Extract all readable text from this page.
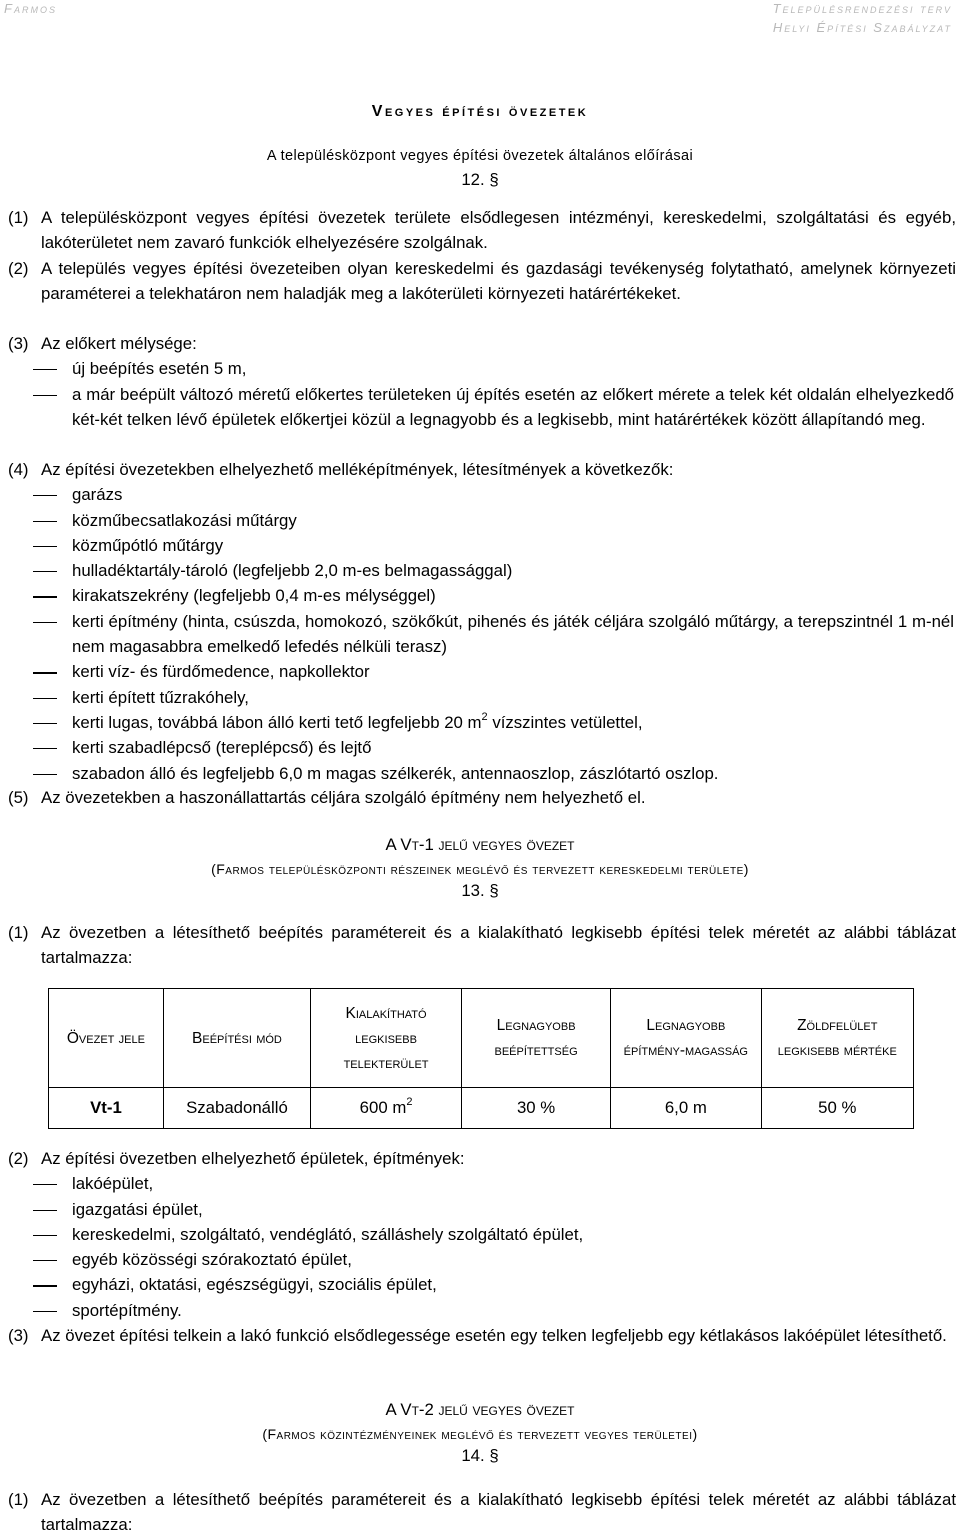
Farmos	Településrendezési terv
Helyi Építési Szabályzat
Vegyes építési övezetek
A településközpont vegyes építési övezetek általános előírásai
12. §
(1) A településközpont vegyes építési övezetek területe elsődlegesen intézményi, kereskedelmi, szolgáltatási és egyéb, lakóterületet nem zavaró funkciók elhelyezésére szolgálnak.
(2) A település vegyes építési övezeteiben olyan kereskedelmi és gazdasági tevékenység folytatható, amelynek környezeti paraméterei a telekhatáron nem haladják meg a lakóterületi környezeti határértékeket.
(3) Az előkert mélysége:
új beépítés esetén 5 m,
a már beépült változó méretű előkertes területeken új építés esetén az előkert mérete a telek két oldalán elhelyezkedő két-két telken lévő épületek előkertjei közül a legnagyobb és a legkisebb, mint határértékek között állapítandó meg.
(4) Az építési övezetekben elhelyezhető melléképítmények, létesítmények a következők:
garázs
közműbecsatlakozási műtárgy
közműpótló műtárgy
hulladéktartály-tároló (legfeljebb 2,0 m-es belmagassággal)
kirakatszekrény (legfeljebb 0,4 m-es mélységgel)
kerti építmény (hinta, csúszda, homokozó, szökőkút, pihenés és játék céljára szolgáló műtárgy, a terepszintnél 1 m-nél nem magasabbra emelkedő lefedés nélküli terasz)
kerti víz- és fürdőmedence, napkollektor
kerti épített tűzrakóhely,
kerti lugas, továbbá lábon álló kerti tető legfeljebb 20 $m^2$ vízszintes vetülettel,
kerti szabadlépcső (tereplépcső) és lejtő
szabadon álló és legfeljebb 6,0 m magas szélkerék, antennaoszlop, zászlótartó oszlop.
(5) Az övezetekben a haszonállattartás céljára szolgáló építmény nem helyezhető el.
A Vt-1 jelű vegyes övezet
(Farmos településközponti részeinek meglévő és tervezett kereskedelmi területe)
13. §
(1) Az övezetben a létesíthető beépítés paramétereit és a kialakítható legkisebb építési telek méretét az alábbi táblázat tartalmazza:
Övezet jele	Beépítési mód	Kialakítható legkisebb telekterület	Legnagyobb beépítettség	Legnagyobb építmény-magasság	Zöldfelület legkisebb mértéke
Vt-1	Szabadonálló	600 $m^2$	30 %	6,0 m	50 %
(2) Az építési övezetben elhelyezhető épületek, építmények:
lakóépület,
igazgatási épület,
kereskedelmi, szolgáltató, vendéglátó, szálláshely szolgáltató épület,
egyéb közösségi szórakoztató épület,
egyházi, oktatási, egészségügyi, szociális épület,
sportépítmény.
(3) Az övezet építési telkein a lakó funkció elsődlegessége esetén egy telken legfeljebb egy kétlakásos lakóépület létesíthető.
A Vt-2 jelű vegyes övezet
(Farmos közintézményeinek meglévő és tervezett vegyes területei)
14. §
(1) Az övezetben a létesíthető beépítés paramétereit és a kialakítható legkisebb építési telek méretét az alábbi táblázat tartalmazza:
